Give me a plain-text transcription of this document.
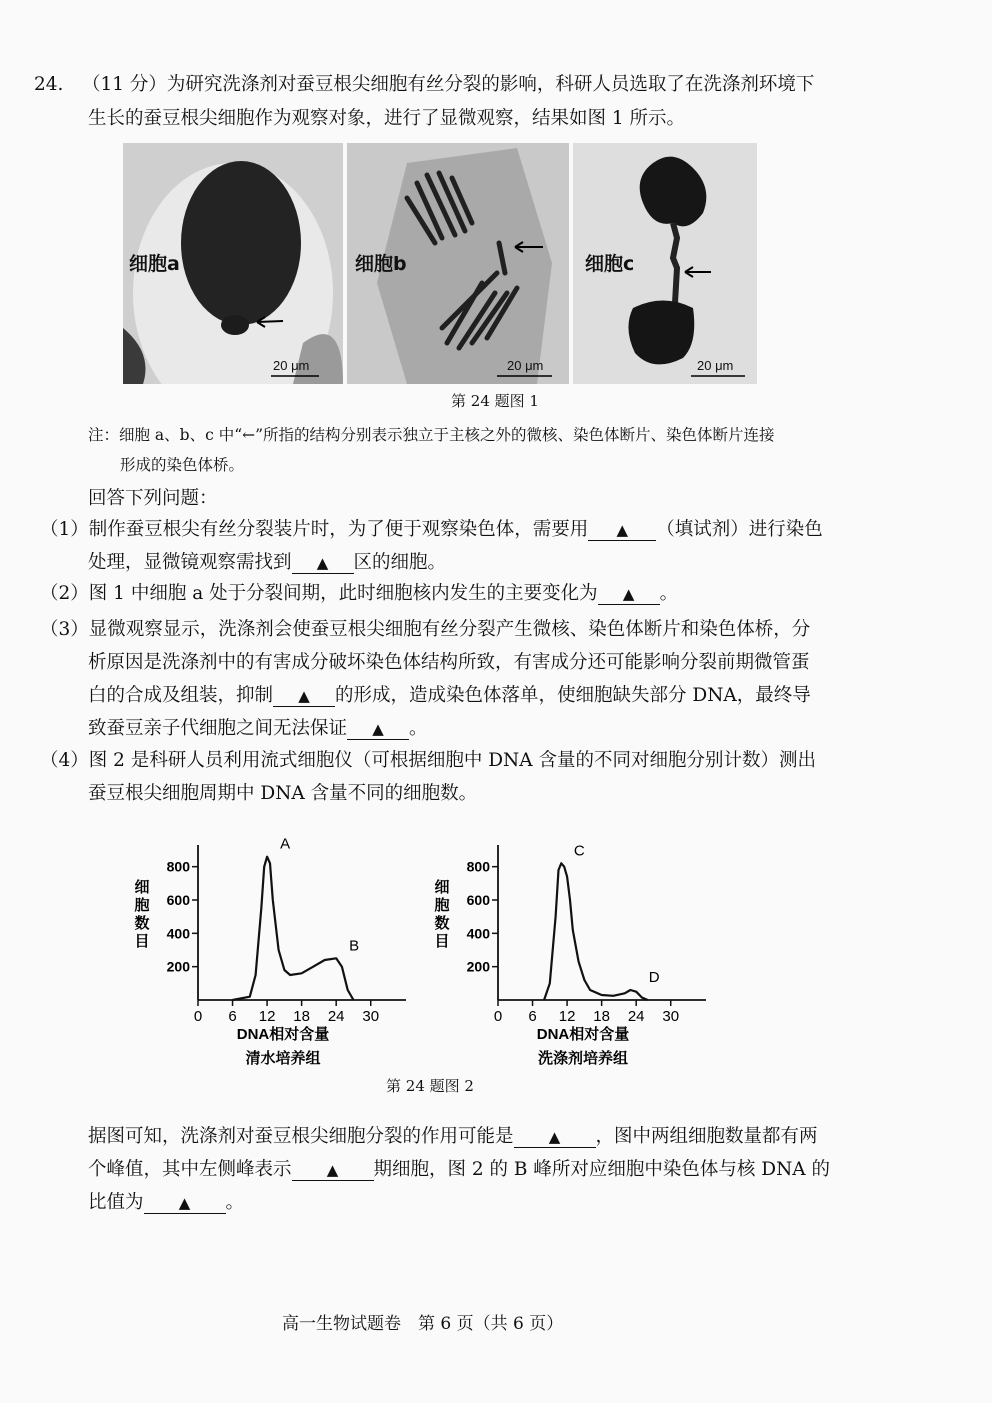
24. （11 分）为研究洗涤剂对蚕豆根尖细胞有丝分裂的影响，科研人员选取了在洗涤剂环境下
生长的蚕豆根尖细胞作为观察对象，进行了显微观察，结果如图 1 所示。
细胞a
20 μm
细胞b
20 μm
细胞c
20 μm
第 24 题图 1
注：细胞 a、b、c 中“←”所指的结构分别表示独立于主核之外的微核、染色体断片、染色体断片连接
形成的染色体桥。
回答下列问题：
（1）制作蚕豆根尖有丝分裂装片时，为了便于观察染色体，需要用 ▲ （填试剂）进行染色
处理，显微镜观察需找到 ▲ 区的细胞。
（2）图 1 中细胞 a 处于分裂间期，此时细胞核内发生的主要变化为 ▲ 。
（3）显微观察显示，洗涤剂会使蚕豆根尖细胞有丝分裂产生微核、染色体断片和染色体桥，分
析原因是洗涤剂中的有害成分破坏染色体结构所致，有害成分还可能影响分裂前期微管蛋
白的合成及组装，抑制 ▲ 的形成，造成染色体落单，使细胞缺失部分 DNA，最终导
致蚕豆亲子代细胞之间无法保证 ▲ 。
（4）图 2 是科研人员利用流式细胞仪（可根据细胞中 DNA 含量的不同对细胞分别计数）测出
蚕豆根尖细胞周期中 DNA 含量不同的细胞数。
200
400
600
800
0 6 12 18 24 30
细
胞
数
目
DNA相对含量
清水培养组
A
B
200
400
600
800
0 6 12 18 24 30
细
胞
数
目
DNA相对含量
洗涤剂培养组
C
D
第 24 题图 2
据图可知，洗涤剂对蚕豆根尖细胞分裂的作用可能是 ▲ ，图中两组细胞数量都有两
个峰值，其中左侧峰表示 ▲ 期细胞，图 2 的 B 峰所对应细胞中染色体与核 DNA 的
比值为 ▲ 。
高一生物试题卷　第 6 页（共 6 页）
